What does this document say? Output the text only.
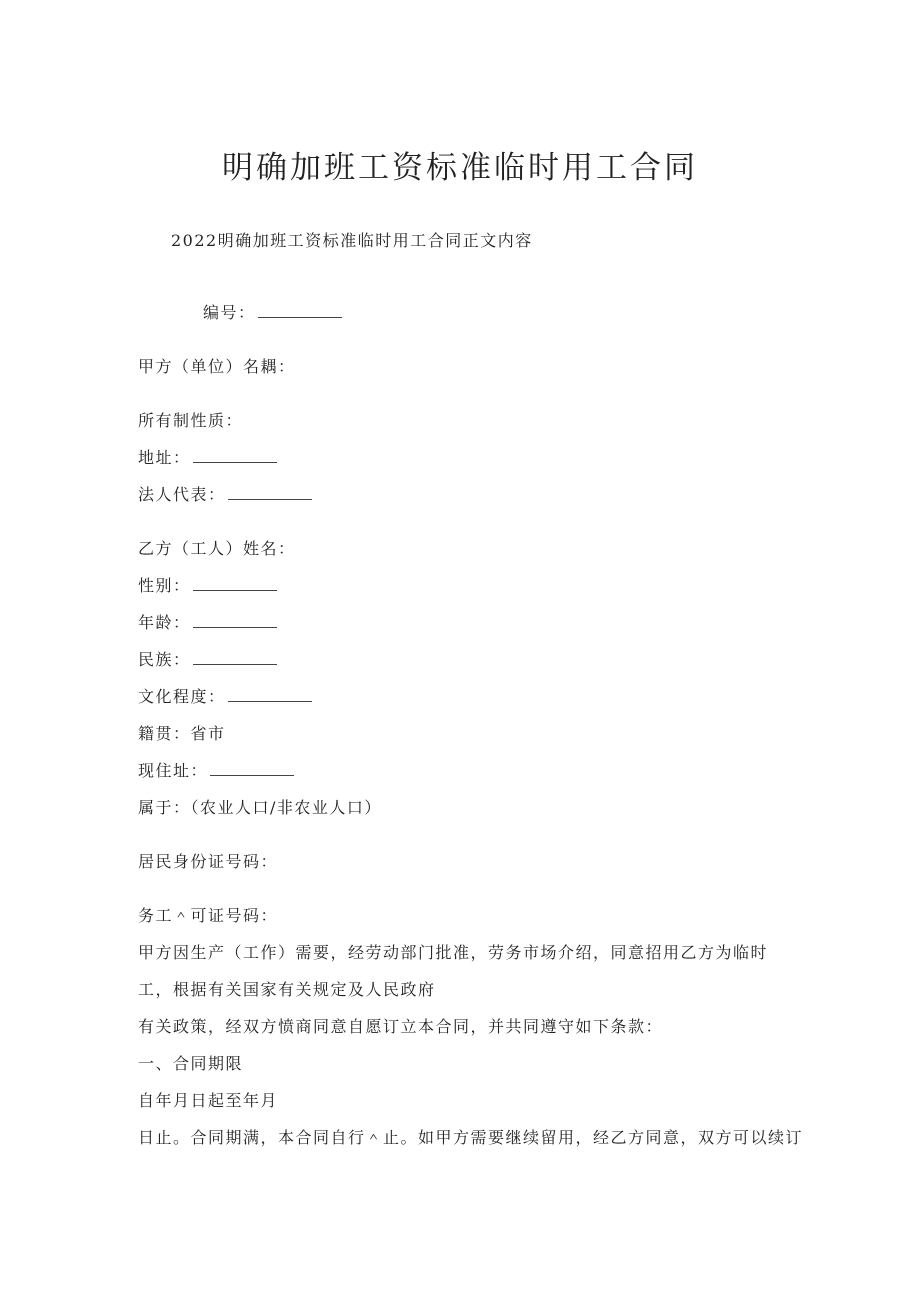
明确加班工资标准临时用工合同
2022明确加班工资标准临时用工合同正文内容
编号：
甲方（单位）名耦：
所有制性质：
地址：
法人代表：
乙方（工人）姓名：
性别：
年龄：
民族：
文化程度：
籍贯：省市
现住址：
属于：（农业人口/非农业人口）
居民身份证号码：
务工＾可证号码：
甲方因生产（工作）需要，经劳动部门批准，劳务市场介绍，同意招用乙方为临时
工，根据有关国家有关规定及人民政府
有关政策，经双方愤商同意自愿订立本合同，并共同遵守如下条款：
一、合同期限
自年月日起至年月
日止。合同期满，本合同自行＾止。如甲方需要继续留用，经乙方同意，双方可以续订
